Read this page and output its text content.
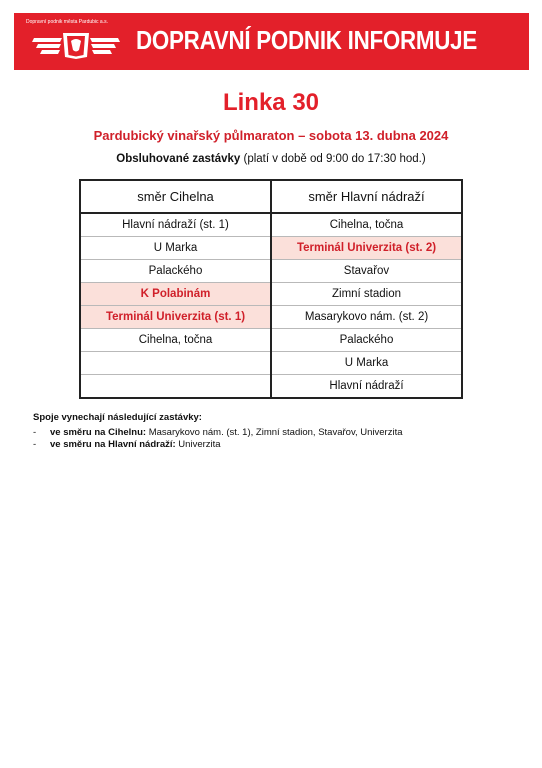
Dopravní podnik města Pardubic a.s.
DOPRAVNÍ PODNIK INFORMUJE
Linka 30
Pardubický vinařský půlmaraton – sobota 13. dubna 2024
Obsluhované zastávky (platí v době od 9:00 do 17:30 hod.)
směr Cihelna	směr Hlavní nádraží
Hlavní nádraží (st. 1)	Cihelna, točna
U Marka	Terminál Univerzita (st. 2)
Palackého	Stavařov
K Polabinám	Zimní stadion
Terminál Univerzita (st. 1)	Masarykovo nám. (st. 2)
Cihelna, točna	Palackého
	U Marka
	Hlavní nádraží
Spoje vynechají následující zastávky:
-	ve směru na Cihelnu: Masarykovo nám. (st. 1), Zimní stadion, Stavařov, Univerzita
-	ve směru na Hlavní nádraží: Univerzita
